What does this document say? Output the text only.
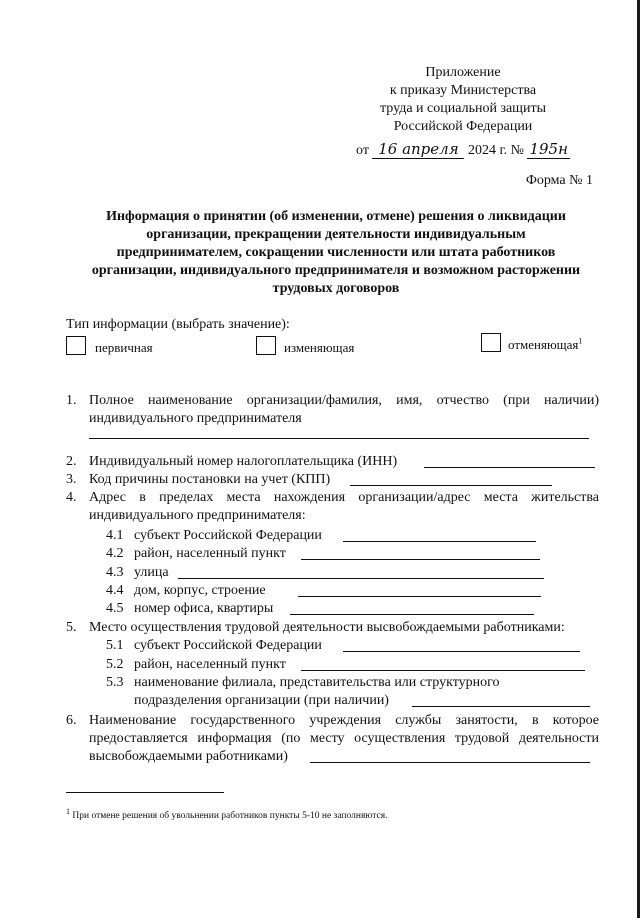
Приложение
к приказу Министерства
труда и социальной защиты
Российской Федерации
от 16 апреля 2024 г. № 195н
Форма № 1
Информация о принятии (об изменении, отмене) решения о ликвидации
организации, прекращении деятельности индивидуальным
предпринимателем, сокращении численности или штата работников
организации, индивидуального предпринимателя и возможном расторжении
трудовых договоров
Тип информации (выбрать значение):
первичная	изменяющая	отменяющая$^1$
1. Полное наименование организации/фамилия, имя, отчество (при наличии)
индивидуального предпринимателя
2. Индивидуальный номер налогоплательщика (ИНН)
3. Код причины постановки на учет (КПП)
4. Адрес в пределах места нахождения организации/адрес места жительства
индивидуального предпринимателя:
4.1 субъект Российской Федерации
4.2 район, населенный пункт
4.3 улица
4.4 дом, корпус, строение
4.5 номер офиса, квартиры
5. Место осуществления трудовой деятельности высвобождаемыми работниками:
5.1 субъект Российской Федерации
5.2 район, населенный пункт
5.3 наименование филиала, представительства или структурного
подразделения организации (при наличии)
6. Наименование государственного учреждения службы занятости, в которое
предоставляется информация (по месту осуществления трудовой деятельности
высвобождаемыми работниками)
$^1$ При отмене решения об увольнении работников пункты 5-10 не заполняются.
